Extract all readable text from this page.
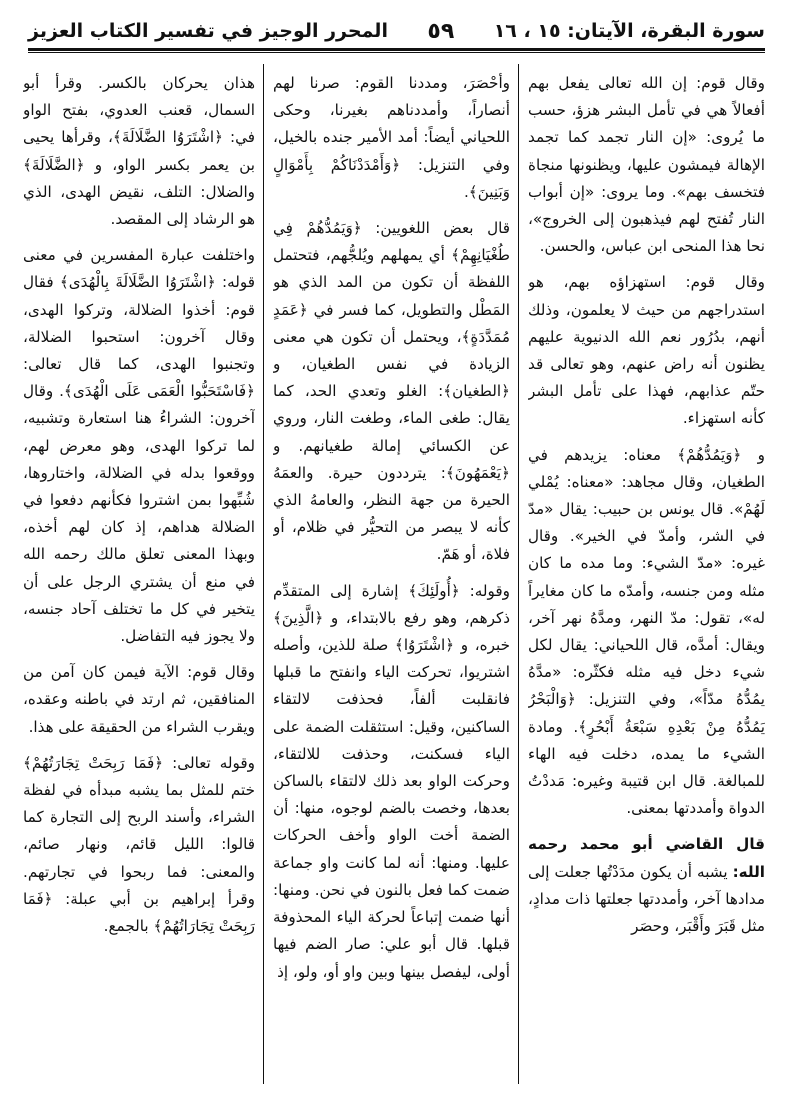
سورة البقرة، الآيتان: ١٥ ، ١٦
٥٩
المحرر الوجيز في تفسير الكتاب العزيز

وقال قوم: إن الله تعالى يفعل بهم أفعالاً هي في تأمل البشر هزؤ، حسب ما يُروى: «إن النار تجمد كما تجمد الإهالة فيمشون عليها، ويظنونها منجاة فتخسف بهم». وما يروى: «إن أبواب النار تُفتح لهم فيذهبون إلى الخروج»، نحا هذا المنحى ابن عباس، والحسن.

وقال قوم: استهزاؤه بهم، هو استدراجهم من حيث لا يعلمون، وذلك أنهم، بدُرُور نعم الله الدنيوية عليهم يظنون أنه راض عنهم، وهو تعالى قد حتّم عذابهم، فهذا على تأمل البشر كأنه استهزاء.

و ﴿وَيَمُدُّهُمْ﴾ معناه: يزيدهم في الطغيان، وقال مجاهد: «معناه: يُمْلي لَهُمْ». قال يونس بن حبيب: يقال «مدّ في الشر، وأمدّ في الخير». وقال غيره: «مدّ الشيء: وما مده ما كان مثله ومن جنسه، وأمدّه ما كان مغايراً له»، تقول: مدّ النهر، ومدَّهُ نهر آخر، ويقال: أمدَّه، قال اللحياني: يقال لكل شيء دخل فيه مثله فكثّره: «مدَّهُ يمُدُّهُ مدّاً»، وفي التنزيل: ﴿وَالْبَحْرُ يَمُدُّهُ مِنْ بَعْدِهِ سَبْعَةُ أَبْحُرٍ﴾. ومادة الشيء ما يمده، دخلت فيه الهاء للمبالغة. قال ابن قتيبة وغيره: مَددْتُ الدواة وأمددتها بمعنى.

قال القاضي أبو محمد رحمه الله: يشبه أن يكون مدَدْتُها جعلت إلى مدادها آخر، وأمددتها جعلتها ذات مدادٍ، مثل قَبَرَ وأَقْبَر، وحصَر

وأحْصَرَ، ومددنا القوم: صرنا لهم أنصاراً، وأمددناهم بغيرنا، وحكى اللحياني أيضاً: أمد الأمير جنده بالخيل، وفي التنزيل: ﴿وَأَمْدَدْنَاكُمْ بِأَمْوَالٍ وَبَنِينَ﴾.

قال بعض اللغويين: ﴿وَيَمُدُّهُمْ فِي طُغْيَانِهِمْ﴾ أي يمهلهم ويُلجُّهم، فتحتمل اللفظة أن تكون من المد الذي هو المَطْل والتطويل، كما فسر في ﴿عَمَدٍ مُمَدَّدَةٍ﴾، ويحتمل أن تكون هي معنى الزيادة في نفس الطغيان، و ﴿الطغيان﴾: الغلو وتعدي الحد، كما يقال: طغى الماء، وطغت النار، وروي عن الكسائي إمالة طغيانهم. و ﴿يَعْمَهُونَ﴾: يترددون حيرة. والعمَهُ الحيرة من جهة النظر، والعامهُ الذي كأنه لا يبصر من التحيُّر في ظلام، أو فلاة، أو هَمّ.

وقوله: ﴿أُولَئِكَ﴾ إشارة إلى المتقدِّم ذكرهم، وهو رفع بالابتداء، و ﴿الَّذِينَ﴾ خبره، و ﴿اشْتَرَوُا﴾ صلة للذين، وأصله اشتريوا، تحركت الياء وانفتح ما قبلها فانقلبت ألفاً، فحذفت لالتقاء الساكنين، وقيل: استثقلت الضمة على الياء فسكنت، وحذفت للالتقاء، وحركت الواو بعد ذلك لالتقاء بالساكن بعدها، وخصت بالضم لوجوه، منها: أن الضمة أخت الواو وأخف الحركات عليها. ومنها: أنه لما كانت واو جماعة ضمت كما فعل بالنون في نحن. ومنها: أنها ضمت إتباعاً لحركة الياء المحذوفة قبلها. قال أبو علي: صار الضم فيها أولى، ليفصل بينها وبين واو أو، ولو، إذ

هذان يحركان بالكسر. وقرأ أبو السمال، قعنب العدوي، بفتح الواو في: ﴿اشْتَرَوُا الضَّلَالَةَ﴾، وقرأها يحيى بن يعمر بكسر الواو، و ﴿الضَّلَالَةَ﴾ والضلال: التلف، نقيض الهدى، الذي هو الرشاد إلى المقصد.

واختلفت عبارة المفسرين في معنى قوله: ﴿اشْتَرَوُا الضَّلَالَةَ بِالْهُدَى﴾ فقال قوم: أخذوا الضلالة، وتركوا الهدى، وقال آخرون: استحبوا الضلالة، وتجنبوا الهدى، كما قال تعالى: ﴿فَاسْتَحَبُّوا الْعَمَى عَلَى الْهُدَى﴾. وقال آخرون: الشراءُ هنا استعارة وتشبيه، لما تركوا الهدى، وهو معرض لهم، ووقعوا بدله في الضلالة، واختاروها، شُبِّهوا بمن اشتروا فكأنهم دفعوا في الضلالة هداهم، إذ كان لهم أخذه، وبهذا المعنى تعلق مالك رحمه الله في منع أن يشتري الرجل على أن يتخير في كل ما تختلف آحاد جنسه، ولا يجوز فيه التفاضل.

وقال قوم: الآية فيمن كان آمن من المنافقين، ثم ارتد في باطنه وعقده، ويقرب الشراء من الحقيقة على هذا.

وقوله تعالى: ﴿فَمَا رَبِحَتْ تِجَارَتُهُمْ﴾ ختم للمثل بما يشبه مبدأه في لفظة الشراء، وأسند الربح إلى التجارة كما قالوا: الليل قائم، ونهار صائم، والمعنى: فما ربحوا في تجارتهم. وقرأ إبراهيم بن أبي عبلة: ﴿فَمَا رَبِحَتْ تِجَارَاتُهُمْ﴾ بالجمع.
